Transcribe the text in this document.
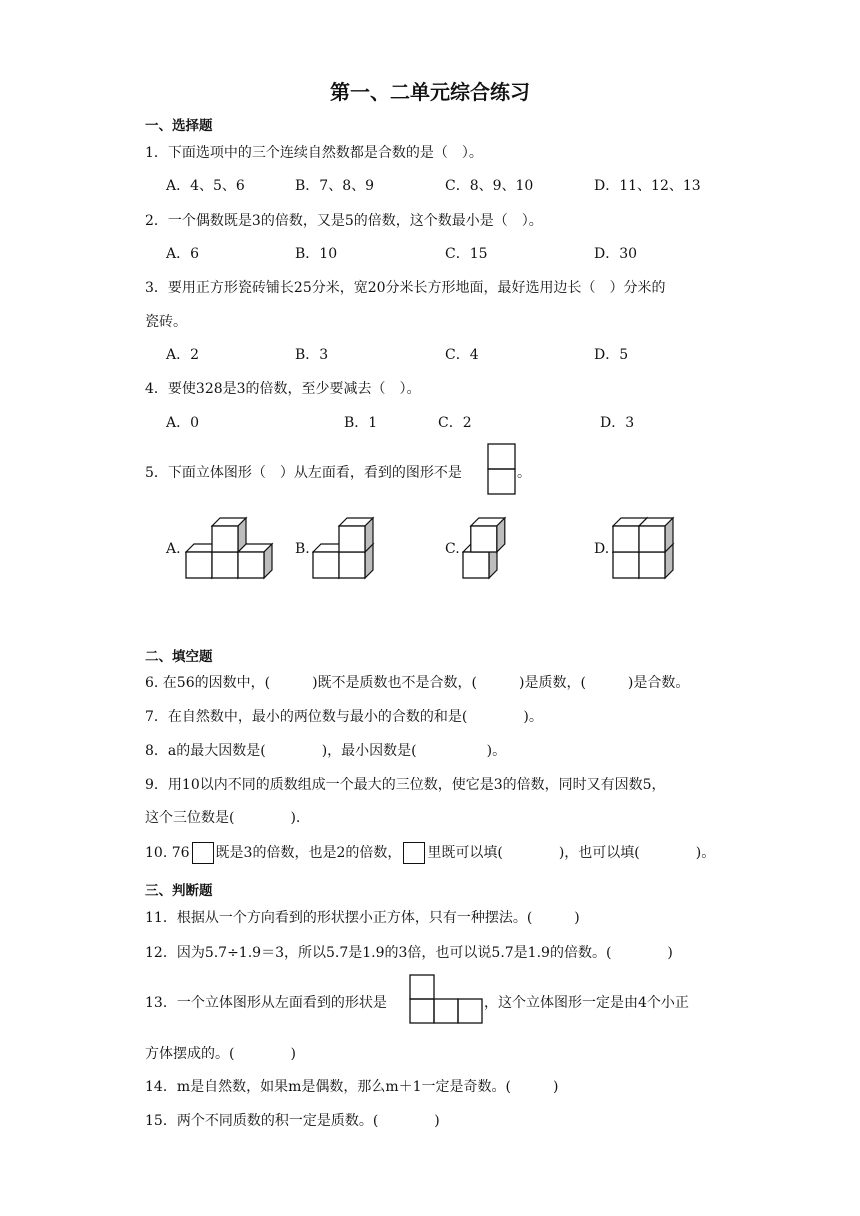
第一、二单元综合练习
一、选择题
1．下面选项中的三个连续自然数都是合数的是（　）。
A．4、5、6	B．7、8、9	C．8、9、10	D．11、12、13
2．一个偶数既是3的倍数，又是5的倍数，这个数最小是（　）。
A．6	B．10	C．15	D．30
3．要用正方形瓷砖铺长25分米，宽20分米长方形地面，最好选用边长（　）分米的
瓷砖。
A．2	B．3	C．4	D．5
4．要使328是3的倍数，至少要减去（　）。
A．0	B．1	C．2	D．3
5．下面立体图形（　）从左面看，看到的图形不是	。
A.	B.	C.	D.
二、填空题
6. 在56的因数中，(　　　)既不是质数也不是合数，(　　　)是质数，(　　　)是合数。
7．在自然数中，最小的两位数与最小的合数的和是(　　　　)。
8．a的最大因数是(　　　　)，最小因数是(　　　　　)。
9．用10以内不同的质数组成一个最大的三位数，使它是3的倍数，同时又有因数5，
这个三位数是(　　　　).
10. 76 既是3的倍数，也是2的倍数， 里既可以填(　　　　)，也可以填(　　　　)。
三、判断题
11．根据从一个方向看到的形状摆小正方体，只有一种摆法。(　　　)
12．因为5.7÷1.9＝3，所以5.7是1.9的3倍，也可以说5.7是1.9的倍数。(　　　　)
13．一个立体图形从左面看到的形状是	，这个立体图形一定是由4个小正
方体摆成的。(　　　　)
14．m是自然数，如果m是偶数，那么m＋1一定是奇数。(　　　)
15．两个不同质数的积一定是质数。(　　　　)
